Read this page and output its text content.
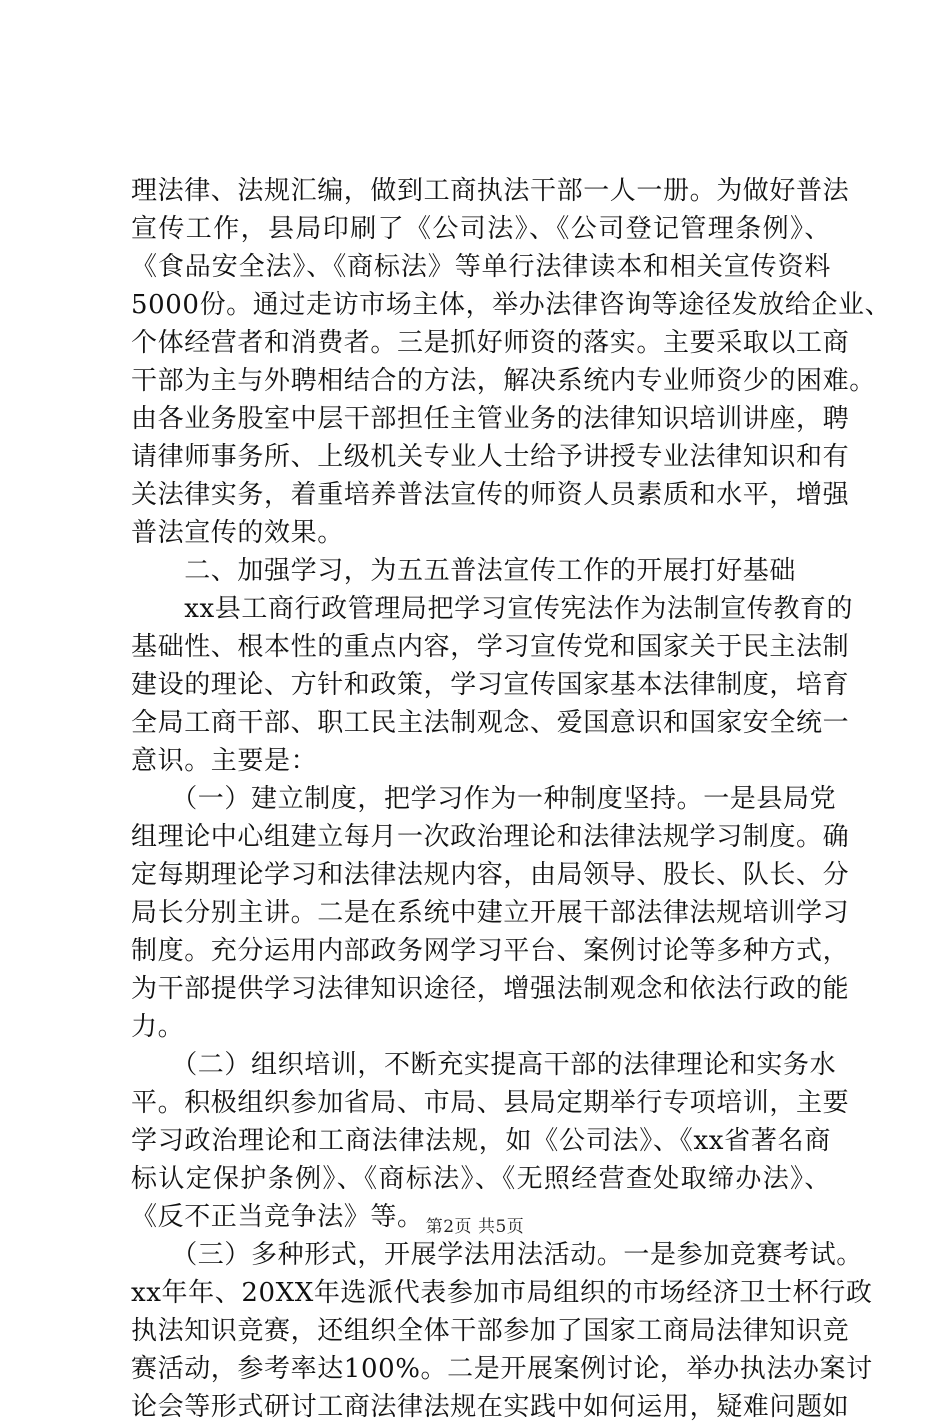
理法律、法规汇编，做到工商执法干部一人一册。为做好普法
宣传工作，县局印刷了《公司法》、《公司登记管理条例》、
《食品安全法》、《商标法》等单行法律读本和相关宣传资料
5000份。通过走访市场主体，举办法律咨询等途径发放给企业、
个体经营者和消费者。三是抓好师资的落实。主要采取以工商
干部为主与外聘相结合的方法，解决系统内专业师资少的困难。
由各业务股室中层干部担任主管业务的法律知识培训讲座，聘
请律师事务所、上级机关专业人士给予讲授专业法律知识和有
关法律实务，着重培养普法宣传的师资人员素质和水平，增强
普法宣传的效果。
　　二、加强学习，为五五普法宣传工作的开展打好基础
　　xx县工商行政管理局把学习宣传宪法作为法制宣传教育的
基础性、根本性的重点内容，学习宣传党和国家关于民主法制
建设的理论、方针和政策，学习宣传国家基本法律制度，培育
全局工商干部、职工民主法制观念、爱国意识和国家安全统一
意识。主要是：
　　（一）建立制度，把学习作为一种制度坚持。一是县局党
组理论中心组建立每月一次政治理论和法律法规学习制度。确
定每期理论学习和法律法规内容，由局领导、股长、队长、分
局长分别主讲。二是在系统中建立开展干部法律法规培训学习
制度。充分运用内部政务网学习平台、案例讨论等多种方式，
为干部提供学习法律知识途径，增强法制观念和依法行政的能
力。
　　（二）组织培训，不断充实提高干部的法律理论和实务水
平。积极组织参加省局、市局、县局定期举行专项培训，主要
学习政治理论和工商法律法规，如《公司法》、《xx省著名商
标认定保护条例》、《商标法》、《无照经营查处取缔办法》、
《反不正当竞争法》等。
　　（三）多种形式，开展学法用法活动。一是参加竞赛考试。
xx年年、20XX年选派代表参加市局组织的市场经济卫士杯行政
执法知识竞赛，还组织全体干部参加了国家工商局法律知识竞
赛活动，参考率达100%。二是开展案例讨论，举办执法办案讨
论会等形式研讨工商法律法规在实践中如何运用，疑难问题如
第2页 共5页
